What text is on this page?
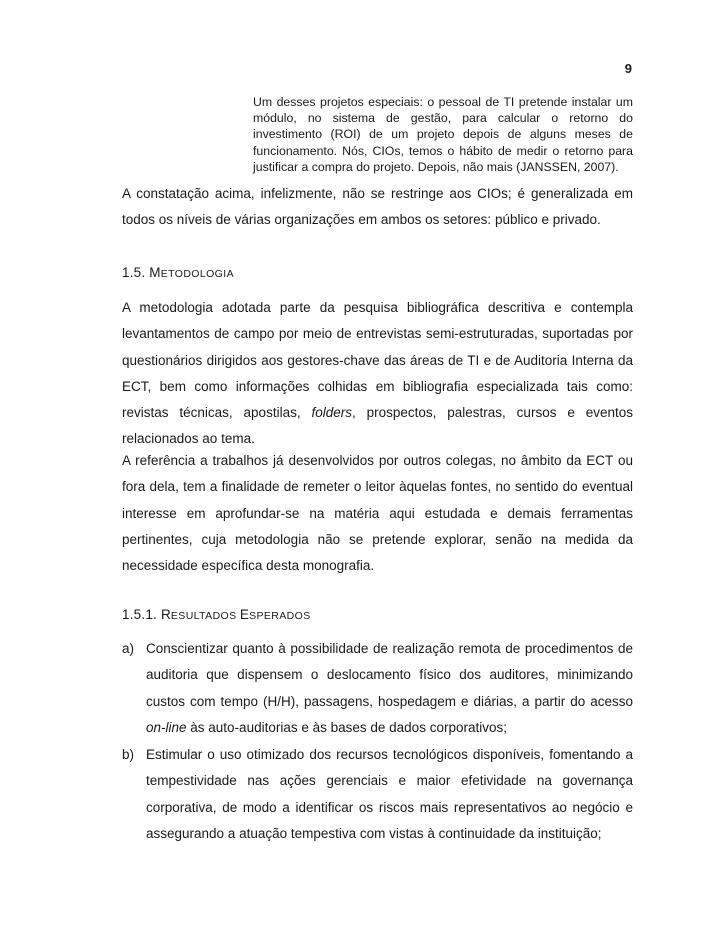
9
Um desses projetos especiais: o pessoal de TI pretende instalar um módulo, no sistema de gestão, para calcular o retorno do investimento (ROI) de um projeto depois de alguns meses de funcionamento. Nós, CIOs, temos o hábito de medir o retorno para justificar a compra do projeto. Depois, não mais (JANSSEN, 2007).

A constatação acima, infelizmente, não se restringe aos CIOs; é generalizada em todos os níveis de várias organizações em ambos os setores: público e privado.

1.5. METODOLOGIA

A metodologia adotada parte da pesquisa bibliográfica descritiva e contempla levantamentos de campo por meio de entrevistas semi-estruturadas, suportadas por questionários dirigidos aos gestores-chave das áreas de TI e de Auditoria Interna da ECT, bem como informações colhidas em bibliografia especializada tais como: revistas técnicas, apostilas, folders, prospectos, palestras, cursos e eventos relacionados ao tema.

A referência a trabalhos já desenvolvidos por outros colegas, no âmbito da ECT ou fora dela, tem a finalidade de remeter o leitor àquelas fontes, no sentido do eventual interesse em aprofundar-se na matéria aqui estudada e demais ferramentas pertinentes, cuja metodologia não se pretende explorar, senão na medida da necessidade específica desta monografia.

1.5.1. RESULTADOS ESPERADOS
a) Conscientizar quanto à possibilidade de realização remota de procedimentos de auditoria que dispensem o deslocamento físico dos auditores, minimizando custos com tempo (H/H), passagens, hospedagem e diárias, a partir do acesso on-line às auto-auditorias e às bases de dados corporativos;
b) Estimular o uso otimizado dos recursos tecnológicos disponíveis, fomentando a tempestividade nas ações gerenciais e maior efetividade na governança corporativa, de modo a identificar os riscos mais representativos ao negócio e assegurando a atuação tempestiva com vistas à continuidade da instituição;
